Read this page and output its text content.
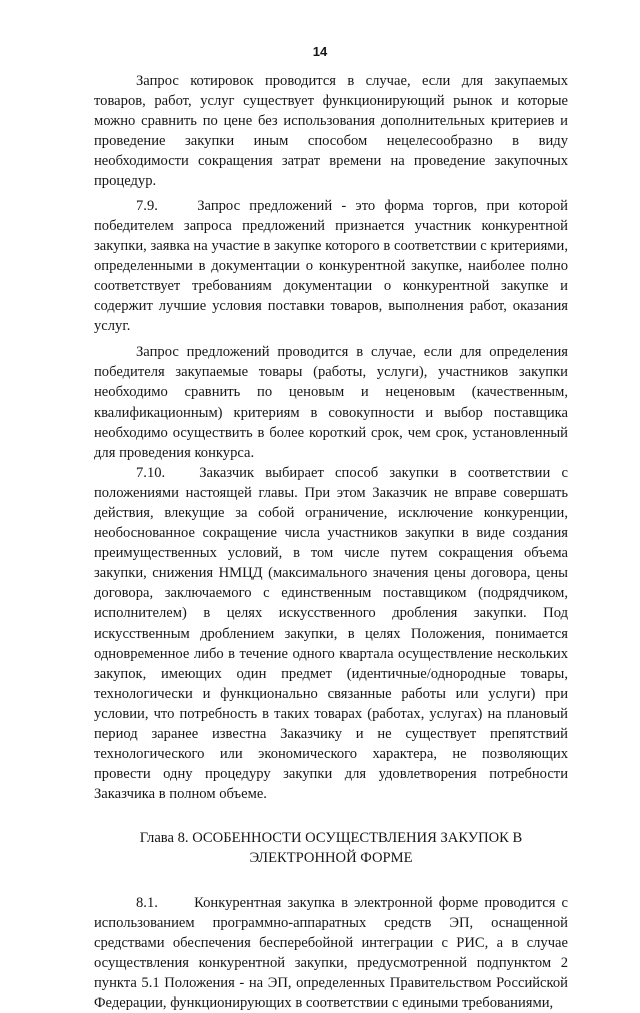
14

Запрос котировок проводится в случае, если для закупаемых товаров, работ, услуг существует функционирующий рынок и которые можно сравнить по цене без использования дополнительных критериев и проведение закупки иным способом нецелесообразно в виду необходимости сокращения затрат времени на проведение закупочных процедур.

7.9.	Запрос предложений - это форма торгов, при которой победителем запроса предложений признается участник конкурентной закупки, заявка на участие в закупке которого в соответствии с критериями, определенными в документации о конкурентной закупке, наиболее полно соответствует требованиям документации о конкурентной закупке и содержит лучшие условия поставки товаров, выполнения работ, оказания услуг.

Запрос предложений проводится в случае, если для определения победителя закупаемые товары (работы, услуги), участников закупки необходимо сравнить по ценовым и неценовым (качественным, квалификационным) критериям в совокупности и выбор поставщика необходимо осуществить в более короткий срок, чем срок, установленный для проведения конкурса.

7.10. Заказчик выбирает способ закупки в соответствии с положениями настоящей главы. При этом Заказчик не вправе совершать действия, влекущие за собой ограничение, исключение конкуренции, необоснованное сокращение числа участников закупки в виде создания преимущественных условий, в том числе путем сокращения объема закупки, снижения НМЦД (максимального значения цены договора, цены договора, заключаемого с единственным поставщиком (подрядчиком, исполнителем) в целях искусственного дробления закупки. Под искусственным дроблением закупки, в целях Положения, понимается одновременное либо в течение одного квартала осуществление нескольких закупок, имеющих один предмет (идентичные/однородные товары, технологически и функционально связанные работы или услуги) при условии, что потребность в таких товарах (работах, услугах) на плановый период заранее известна Заказчику и не существует препятствий технологического или экономического характера, не позволяющих провести одну процедуру закупки для удовлетворения потребности Заказчика в полном объеме.

Глава 8. ОСОБЕННОСТИ ОСУЩЕСТВЛЕНИЯ ЗАКУПОК В ЭЛЕКТРОННОЙ ФОРМЕ

8.1. Конкурентная закупка в электронной форме проводится с использованием программно-аппаратных средств ЭП, оснащенной средствами обеспечения бесперебойной интеграции с РИС, а в случае осуществления конкурентной закупки, предусмотренной подпунктом 2 пункта 5.1 Положения - на ЭП, определенных Правительством Российской Федерации, функционирующих в соответствии с едиными требованиями,
